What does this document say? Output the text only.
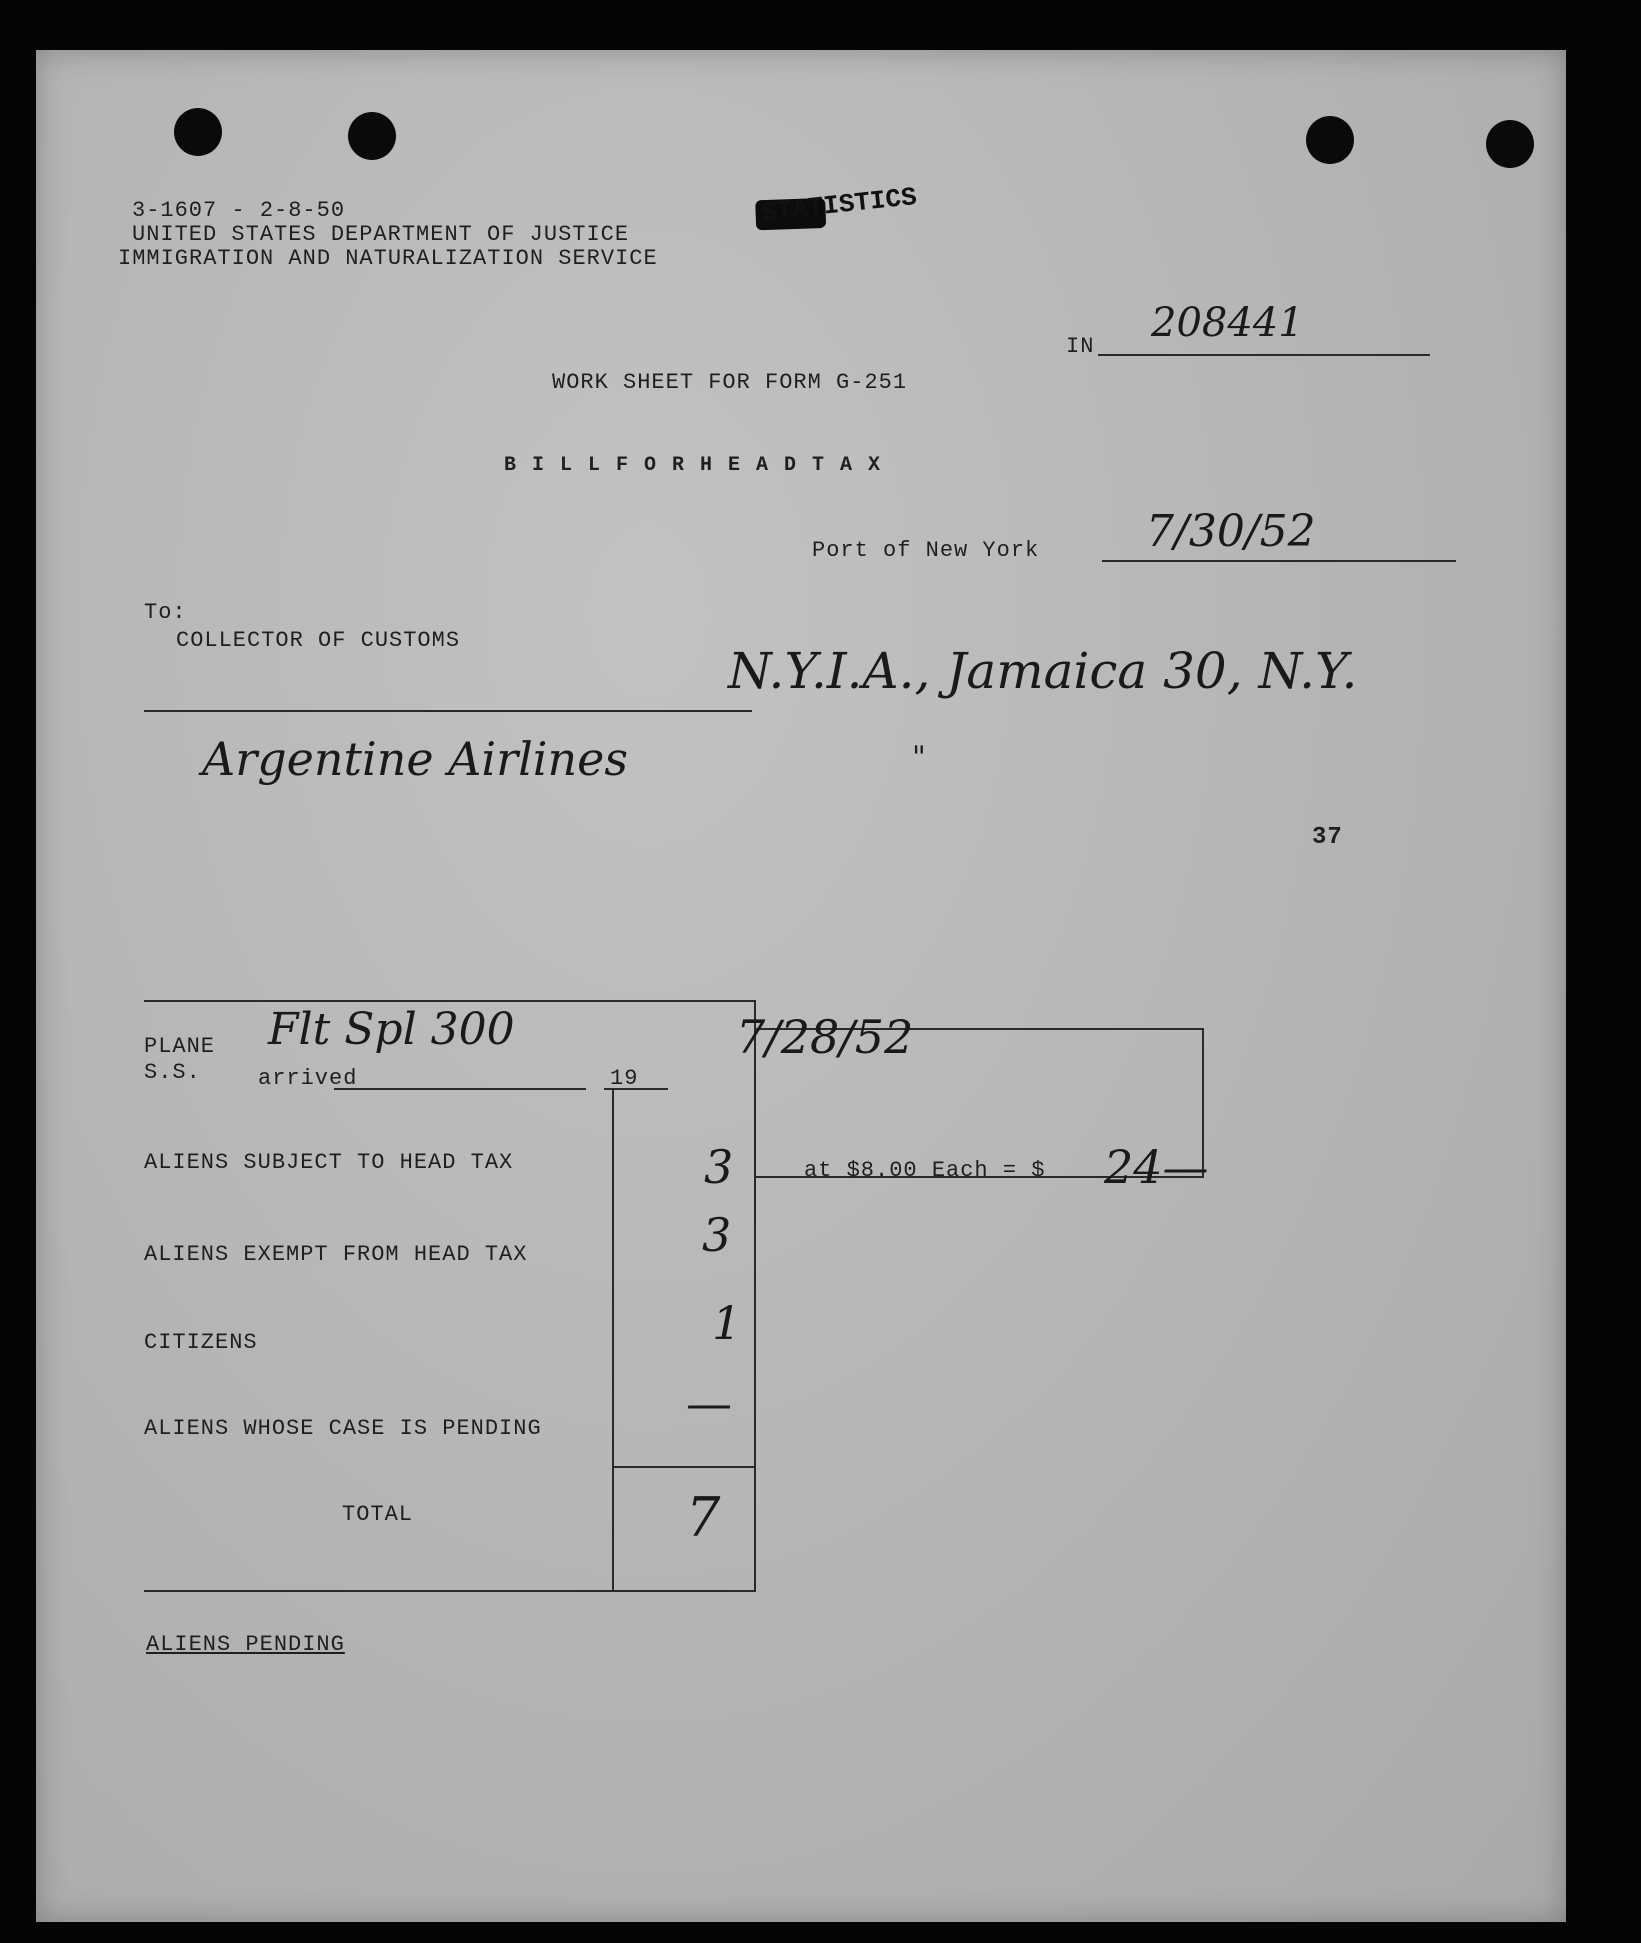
3-1607 - 2-8-50
UNITED STATES DEPARTMENT OF JUSTICE
IMMIGRATION AND NATURALIZATION SERVICE
STATISTICS
IN
208441
WORK SHEET FOR FORM G-251
B I L L F O R H E A D T A X
Port of New York 7/30/52
To:
COLLECTOR OF CUSTOMS
N.Y.I.A., Jamaica 30, N.Y.
Argentine Airlines	"
37
PLANE
S.S.	arrived	19
Flt Spl 300	7/28/52
ALIENS SUBJECT TO HEAD TAX	3
ALIENS EXEMPT FROM HEAD TAX	3
CITIZENS	1
ALIENS WHOSE CASE IS PENDING	—
TOTAL	7
at $8.00 Each = $ 24—
ALIENS PENDING
